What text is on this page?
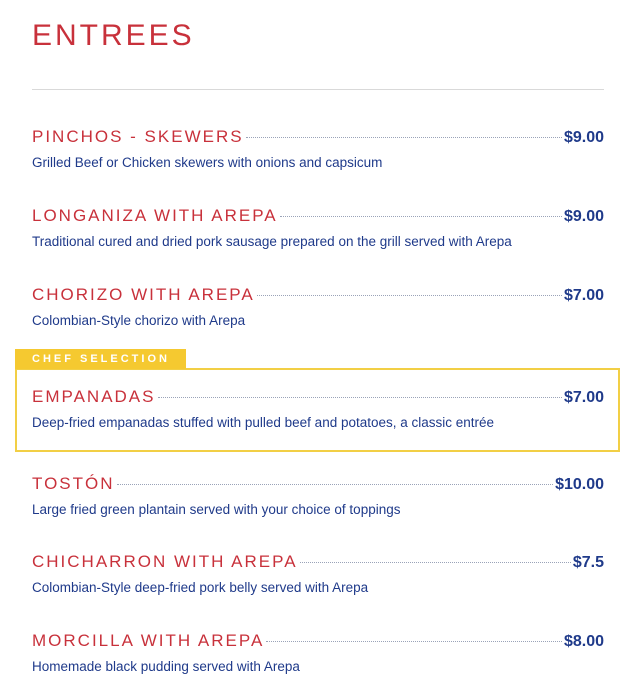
ENTREES
PINCHOS - SKEWERS	$9.00
Grilled Beef or Chicken skewers with onions and capsicum
LONGANIZA WITH AREPA	$9.00
Traditional cured and dried pork sausage prepared on the grill served with Arepa
CHORIZO WITH AREPA	$7.00
Colombian-Style chorizo with Arepa
CHEF SELECTION
EMPANADAS	$7.00
Deep-fried empanadas stuffed with pulled beef and potatoes, a classic entrée
TOSTÓN	$10.00
Large fried green plantain served with your choice of toppings
CHICHARRON WITH AREPA	$7.5
Colombian-Style deep-fried pork belly served with Arepa
MORCILLA WITH AREPA	$8.00
Homemade black pudding served with Arepa
